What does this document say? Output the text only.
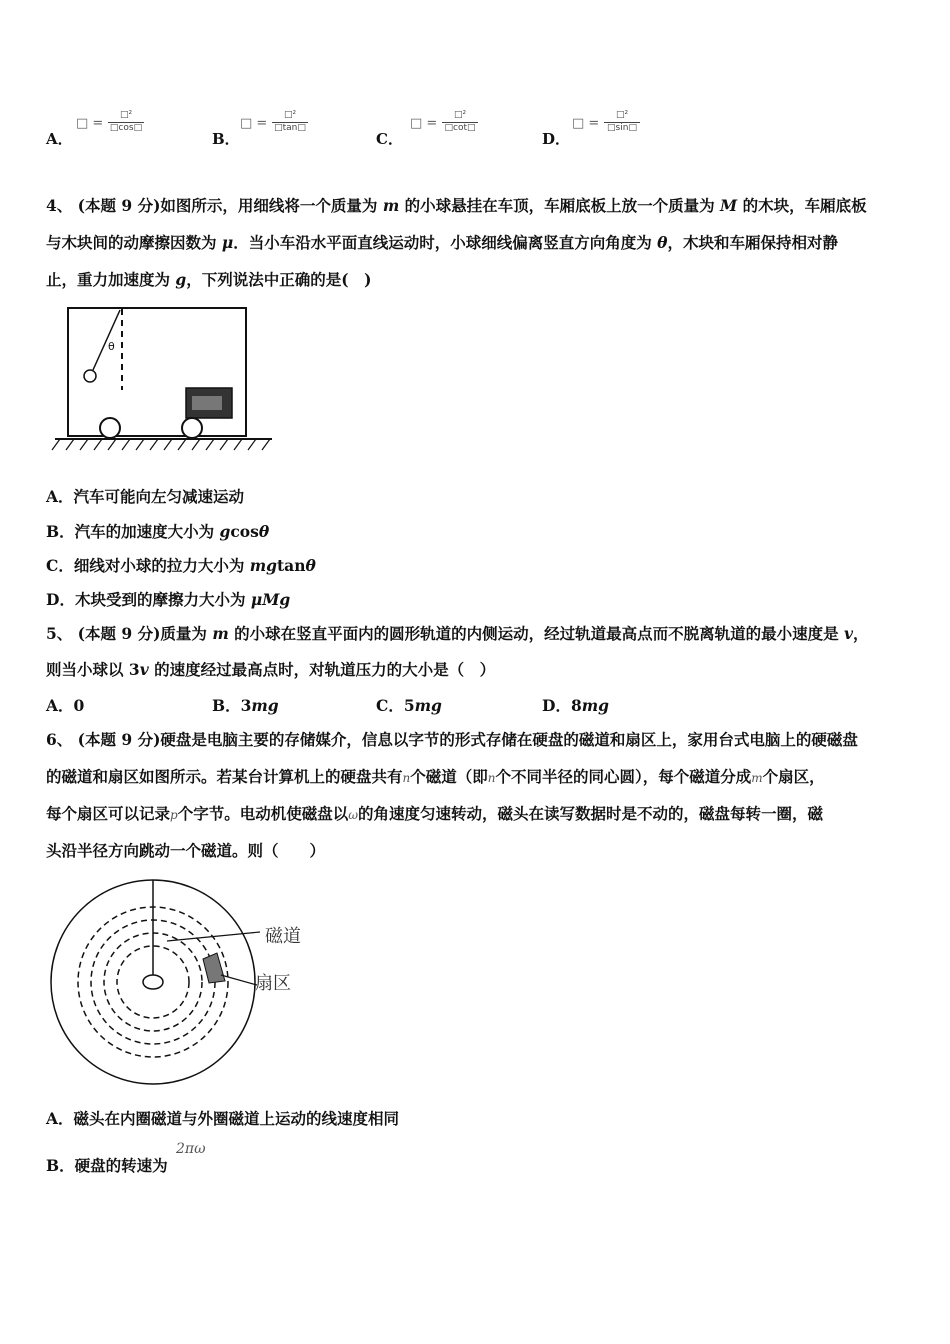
A．
□ =
□²
□cos□
B．
□ =
□²
□tan□
C．
□ =
□²
□cot□
D．
□ =
□²
□sin□
4、 (本题 9 分)如图所示，用细线将一个质量为 m 的小球悬挂在车顶，车厢底板上放一个质量为 M 的木块，车厢底板
与木块间的动摩擦因数为 μ．当小车沿水平面直线运动时，小球细线偏离竖直方向角度为 θ，木块和车厢保持相对静
止，重力加速度为 g，下列说法中正确的是(　)
θ
A．汽车可能向左匀减速运动
B．汽车的加速度大小为 gcosθ
C．细线对小球的拉力大小为 mgtanθ
D．木块受到的摩擦力大小为 μMg
5、 (本题 9 分)质量为 m 的小球在竖直平面内的圆形轨道的内侧运动，经过轨道最高点而不脱离轨道的最小速度是 v，
则当小球以 3v 的速度经过最高点时，对轨道压力的大小是（　）
A．0	B．3mg	C．5mg	D．8mg
6、 (本题 9 分)硬盘是电脑主要的存储媒介，信息以字节的形式存储在硬盘的磁道和扇区上，家用台式电脑上的硬磁盘
的磁道和扇区如图所示。若某台计算机上的硬盘共有n个磁道（即n个不同半径的同心圆），每个磁道分成m个扇区，
每个扇区可以记录p个字节。电动机使磁盘以ω的角速度匀速转动，磁头在读写数据时是不动的，磁盘每转一圈，磁
头沿半径方向跳动一个磁道。则（　　）
磁道
扇区
A．磁头在内圈磁道与外圈磁道上运动的线速度相同
B．硬盘的转速为
2πω
